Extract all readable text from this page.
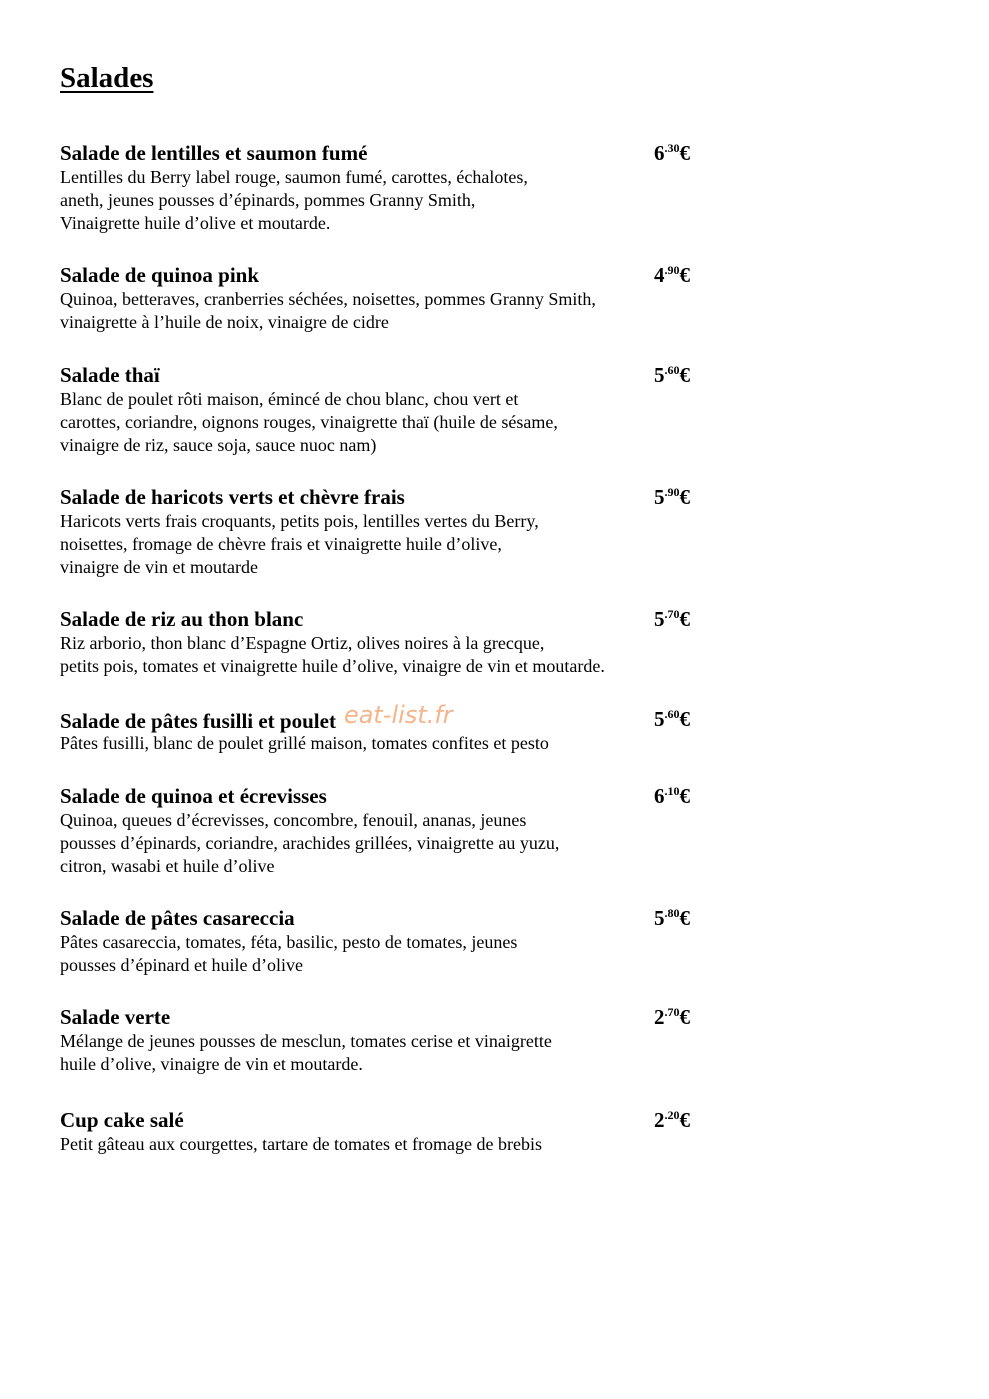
Salades
Salade de lentilles et saumon fumé	$6^{.30}€$

Lentilles du Berry label rouge, saumon fumé, carottes, échalotes,
aneth, jeunes pousses d’épinards, pommes Granny Smith,
Vinaigrette huile d’olive et moutarde.

Salade de quinoa pink	$4^{.90}€$

Quinoa, betteraves, cranberries séchées, noisettes, pommes Granny Smith,
vinaigrette à l’huile de noix, vinaigre de cidre

Salade thaï	$5^{.60}€$

Blanc de poulet rôti maison, émincé de chou blanc, chou vert et
carottes, coriandre, oignons rouges, vinaigrette thaï (huile de sésame,
vinaigre de riz, sauce soja, sauce nuoc nam)

Salade de haricots verts et chèvre frais	$5^{.90}€$

Haricots verts frais croquants, petits pois, lentilles vertes du Berry,
noisettes, fromage de chèvre frais et vinaigrette huile d’olive,
vinaigre de vin et moutarde

Salade de riz au thon blanc	$5^{.70}€$

Riz arborio, thon blanc d’Espagne Ortiz, olives noires à la grecque,
petits pois, tomates et vinaigrette huile d’olive, vinaigre de vin et moutarde.

Salade de pâtes fusilli et poulet eat-list.fr	$5^{.60}€$

Pâtes fusilli, blanc de poulet grillé maison, tomates confites et pesto

Salade de quinoa et écrevisses	$6^{.10}€$

Quinoa, queues d’écrevisses, concombre, fenouil, ananas, jeunes
pousses d’épinards, coriandre, arachides grillées, vinaigrette au yuzu,
citron, wasabi et huile d’olive

Salade de pâtes casareccia	$5^{.80}€$

Pâtes casareccia, tomates, féta, basilic, pesto de tomates, jeunes
pousses d’épinard et huile d’olive

Salade verte	$2^{.70}€$

Mélange de jeunes pousses de mesclun, tomates cerise et vinaigrette
huile d’olive, vinaigre de vin et moutarde.

Cup cake salé	$2^{.20}€$

Petit gâteau aux courgettes, tartare de tomates et fromage de brebis
